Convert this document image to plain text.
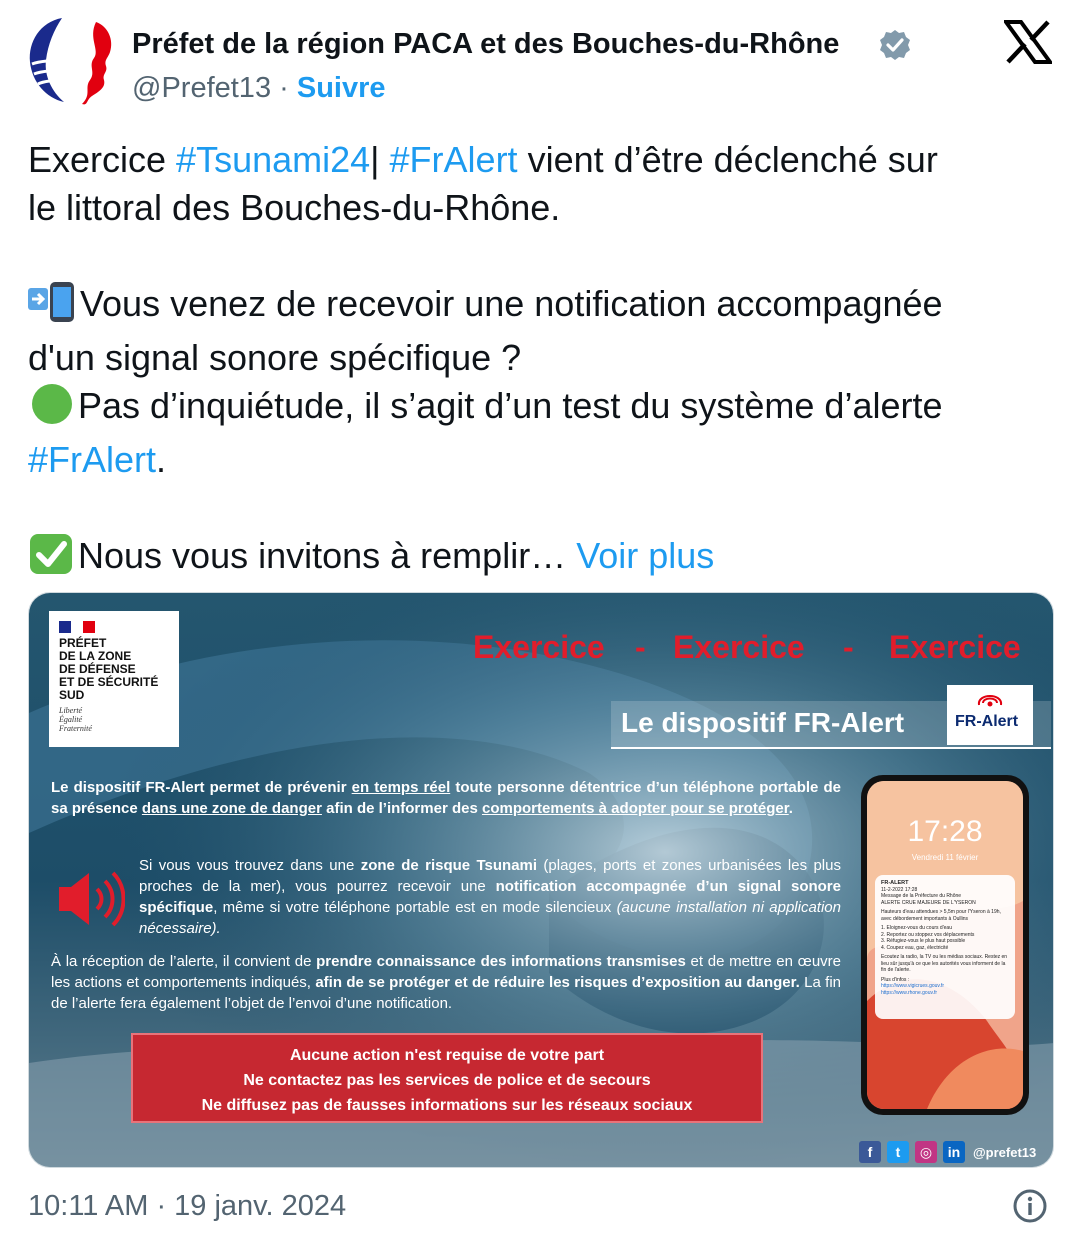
Préfet de la région PACA et des Bouches-du-Rhône
@Prefet13 · Suivre

Exercice #Tsunami24| #FrAlert vient d’être déclenché sur

le littoral des Bouches-du-Rhône.

Vous venez de recevoir une notification accompagnée

d'un signal sonore spécifique ?

Pas d’inquiétude, il s’agit d’un test du système d’alerte

#FrAlert.

Nous vous invitons à remplir… Voir plus

PRÉFET
DE LA ZONE
DE DÉFENSE
ET DE SÉCURITÉ
SUD
Liberté
Égalité
Fraternité
Exercice - Exercice - Exercice
Le dispositif FR-Alert	FR-Alert
Le dispositif FR-Alert permet de prévenir en temps réel toute personne détentrice d’un téléphone portable de sa présence dans une zone de danger afin de l’informer des comportements à adopter pour se protéger.
Si vous vous trouvez dans une zone de risque Tsunami (plages, ports et zones urbanisées les plus proches de la mer), vous pourrez recevoir une notification accompagnée d’un signal sonore spécifique, même si votre téléphone portable est en mode silencieux (aucune installation ni application nécessaire).
À la réception de l’alerte, il convient de prendre connaissance des informations transmises et de mettre en œuvre les actions et comportements indiqués, afin de se protéger et de réduire les risques d’exposition au danger. La fin de l’alerte fera également l’objet de l’envoi d’une notification.
Aucune action n'est requise de votre part
Ne contactez pas les services de police et de secours
Ne diffusez pas de fausses informations sur les réseaux sociaux
17:28
Vendredi 11 février
FR-ALERT
11-2-2022 17:28
Message de la Préfecture du Rhône
ALERTE CRUE MAJEURE DE L'YSERON
Hauteurs d'eau attendues > 5,5m pour l'Yseron à 19h, avec débordement importants à Oullins
1. Eloignez-vous du cours d'eau
2. Reportez ou stoppez vos déplacements
3. Réfugiez-vous le plus haut possible
4. Coupez eau, gaz, électricité
Ecoutez la radio, la TV ou les médias sociaux. Restez en lieu sûr jusqu'à ce que les autorités vous informent de la fin de l'alerte.
Plus d'infos :
https://www.vigicrues.gouv.fr
https://www.rhone.gouv.fr
f	t	◎	in @prefet13
10:11 AM · 19 janv. 2024
